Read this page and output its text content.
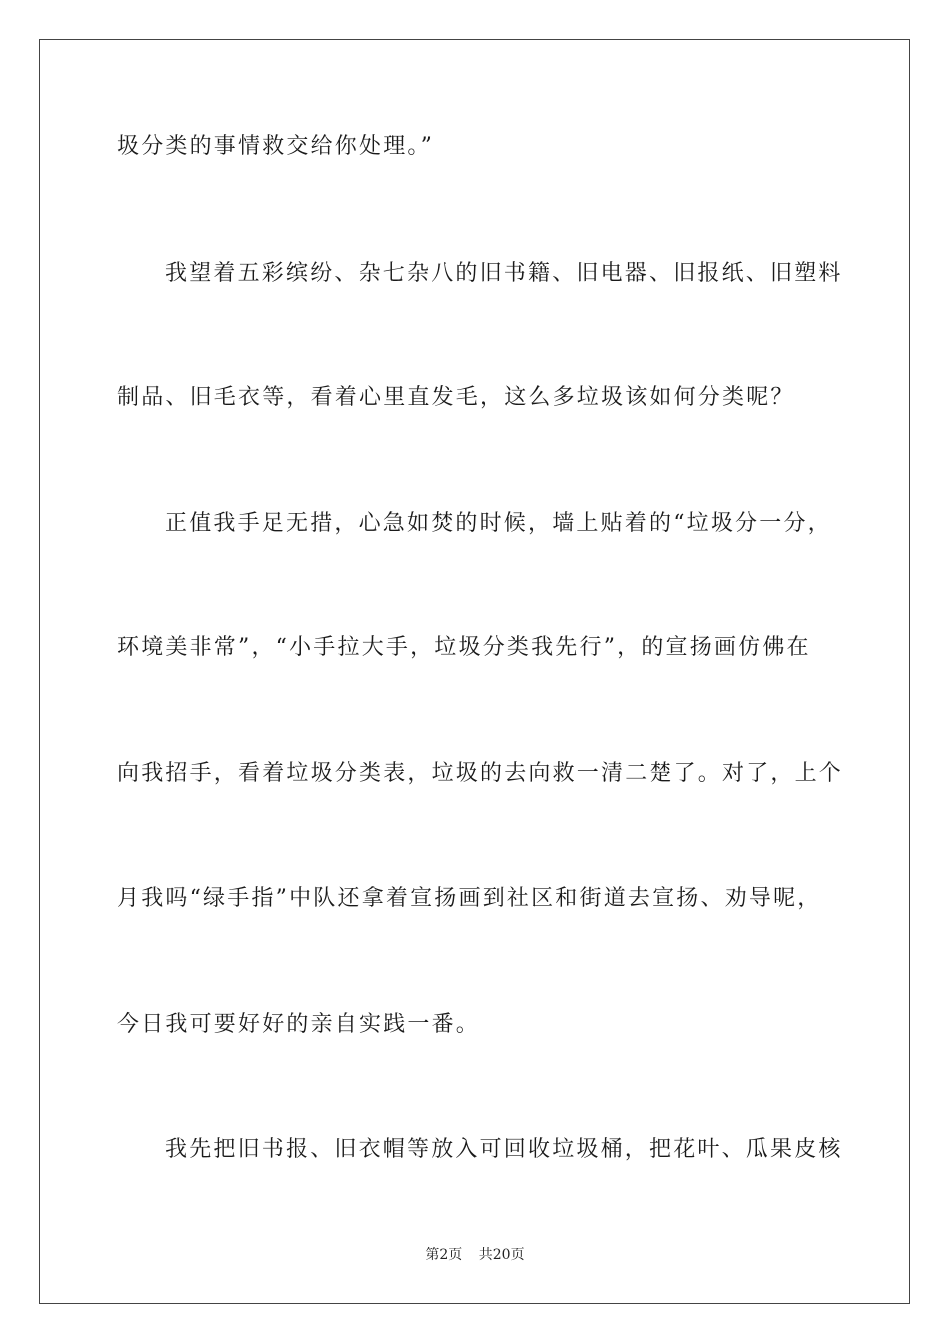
圾分类的事情救交给你处理。”
我望着五彩缤纷、杂七杂八的旧书籍、旧电器、旧报纸、旧塑料
制品、旧毛衣等，看着心里直发毛，这么多垃圾该如何分类呢？
正值我手足无措，心急如焚的时候，墙上贴着的“垃圾分一分，
环境美非常”，“小手拉大手，垃圾分类我先行”，的宣扬画仿佛在
向我招手，看着垃圾分类表，垃圾的去向救一清二楚了。对了，上个
月我吗“绿手指”中队还拿着宣扬画到社区和街道去宣扬、劝导呢，
今日我可要好好的亲自实践一番。
我先把旧书报、旧衣帽等放入可回收垃圾桶，把花叶、瓜果皮核
第2页 共20页
